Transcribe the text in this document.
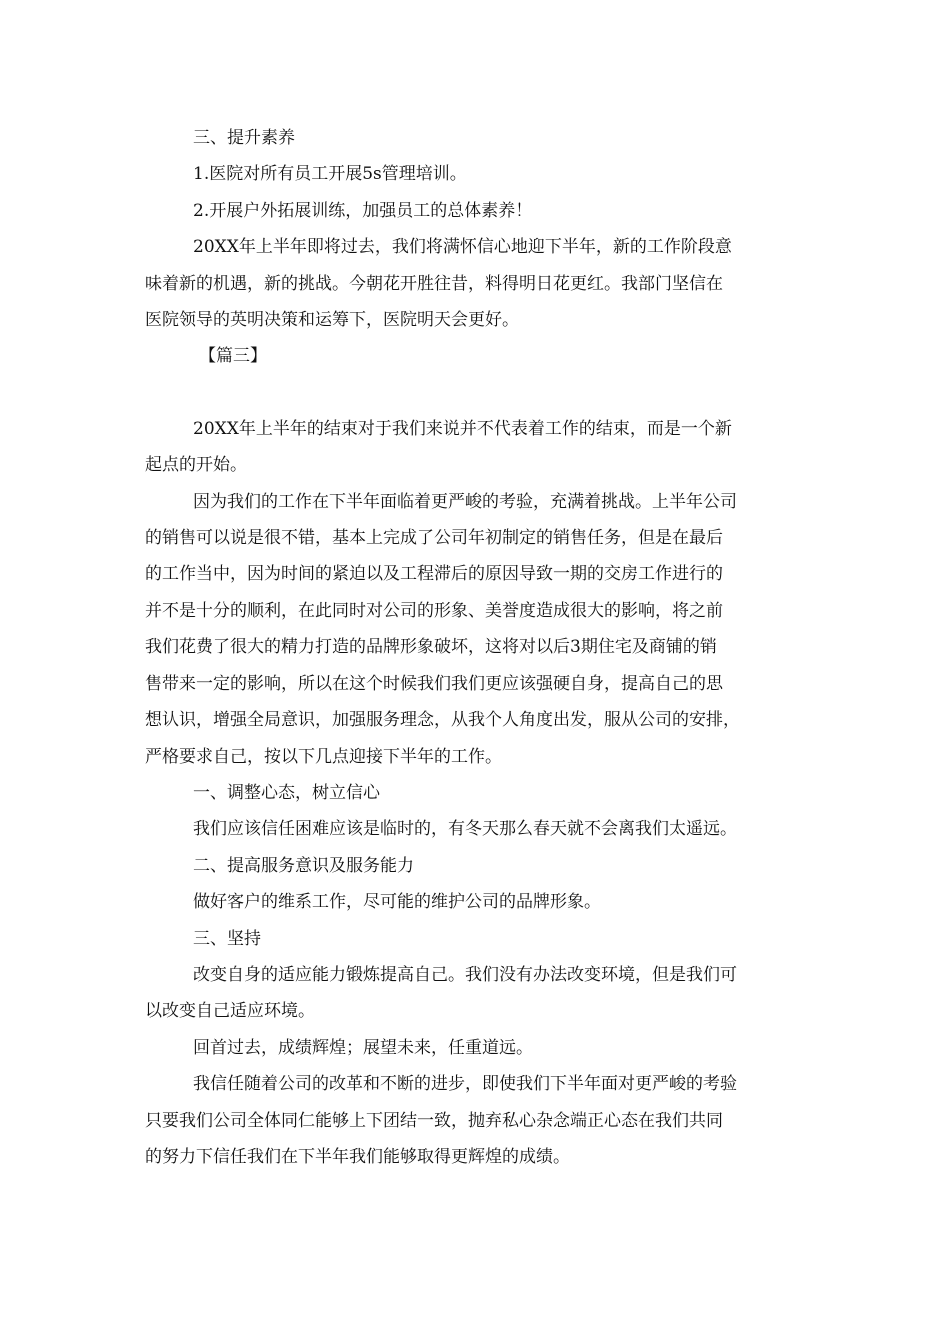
三、提升素养

1.医院对所有员工开展5s管理培训。

2.开展户外拓展训练，加强员工的总体素养！

20XX年上半年即将过去，我们将满怀信心地迎下半年，新的工作阶段意

味着新的机遇，新的挑战。今朝花开胜往昔，料得明日花更红。我部门坚信在

医院领导的英明决策和运筹下，医院明天会更好。

【篇三】

20XX年上半年的结束对于我们来说并不代表着工作的结束，而是一个新

起点的开始。

因为我们的工作在下半年面临着更严峻的考验，充满着挑战。上半年公司

的销售可以说是很不错，基本上完成了公司年初制定的销售任务，但是在最后

的工作当中，因为时间的紧迫以及工程滞后的原因导致一期的交房工作进行的

并不是十分的顺利，在此同时对公司的形象、美誉度造成很大的影响，将之前

我们花费了很大的精力打造的品牌形象破坏，这将对以后3期住宅及商铺的销

售带来一定的影响，所以在这个时候我们我们更应该强硬自身，提高自己的思

想认识，增强全局意识，加强服务理念，从我个人角度出发，服从公司的安排，

严格要求自己，按以下几点迎接下半年的工作。

一、调整心态，树立信心

我们应该信任困难应该是临时的，有冬天那么春天就不会离我们太遥远。

二、提高服务意识及服务能力

做好客户的维系工作，尽可能的维护公司的品牌形象。

三、坚持

改变自身的适应能力锻炼提高自己。我们没有办法改变环境，但是我们可

以改变自己适应环境。

回首过去，成绩辉煌；展望未来，任重道远。

我信任随着公司的改革和不断的进步，即使我们下半年面对更严峻的考验

只要我们公司全体同仁能够上下团结一致，抛弃私心杂念端正心态在我们共同

的努力下信任我们在下半年我们能够取得更辉煌的成绩。
